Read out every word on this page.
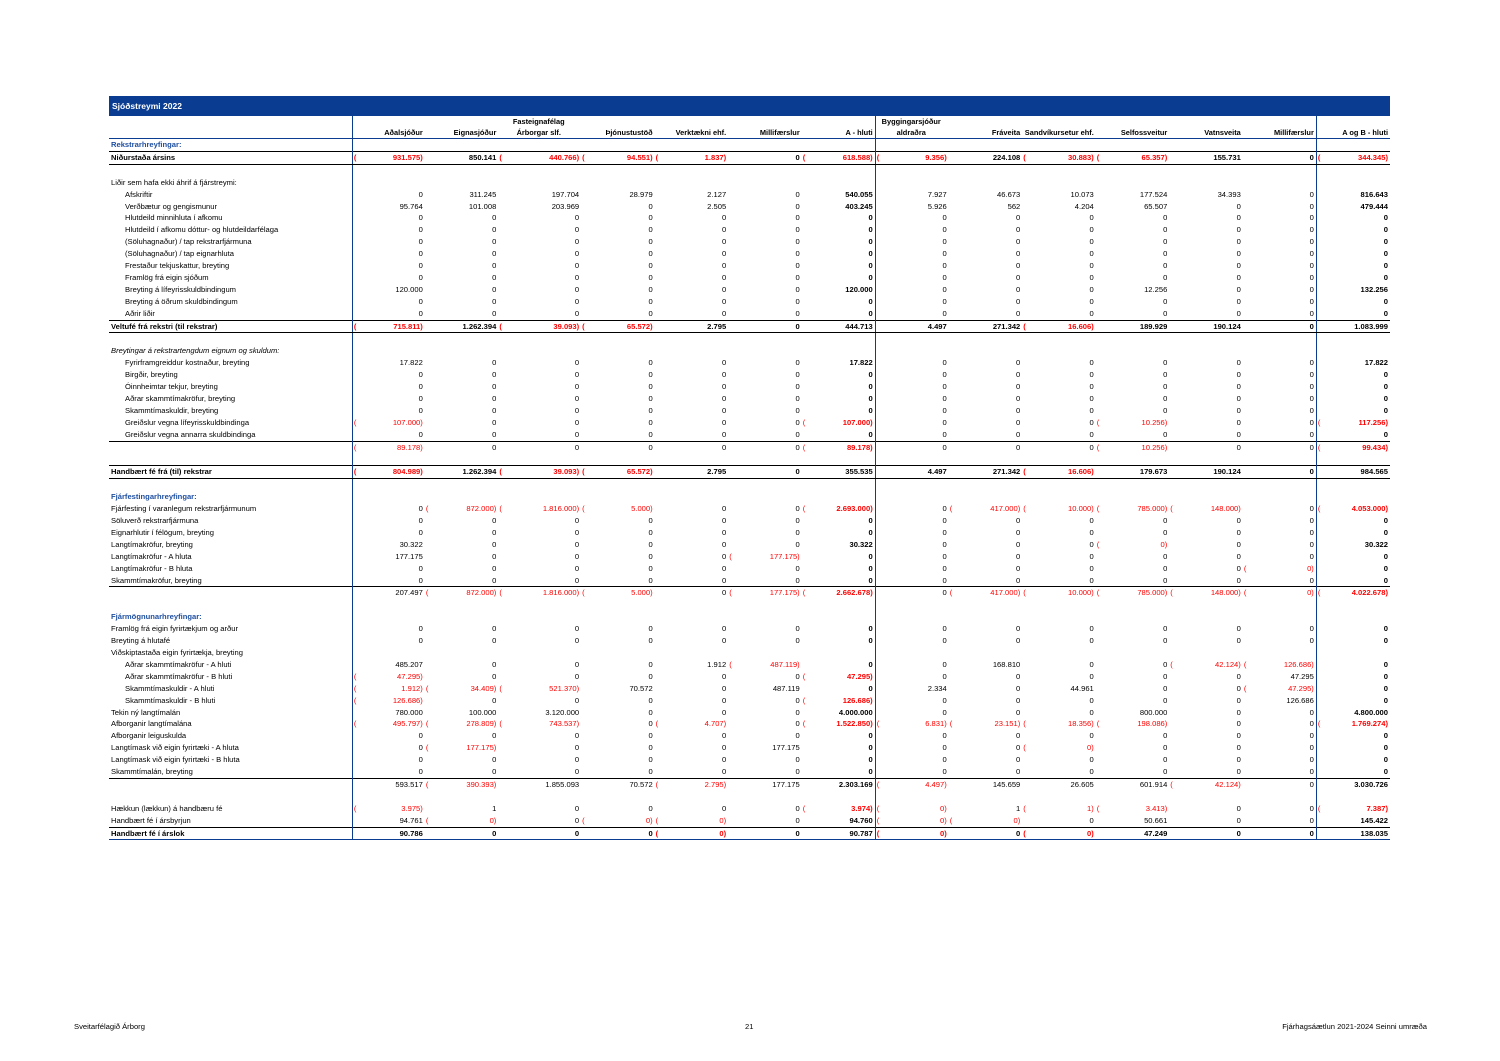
Sjóðstreymi 2022
					Fasteignafélag										Byggingarsjóður													
	Aðalsjóður		Eignasjóður		Árborgar slf.		Þjónustustöð		Verktækni ehf.		Millifærslur		A - hluti		aldraðra		Fráveita		Sandvíkursetur ehf.		Selfossveitur		Vatnsveita		Millifærslur		A og B - hluti	
Rekstrarhreyfingar:																												
Niðurstaða ársins	(	931.575)		850.141	(	440.766)	(	94.551)	(	1.837)		0	(	618.588)	(	9.356)		224.108	(	30.883)	(	65.357)		155.731		0	(	344.345)

Liðir sem hafa ekki áhrif á fjárstreymi:																												
Afskriftir		0		311.245		197.704		28.979		2.127		0		540.055		7.927		46.673		10.073		177.524		34.393		0		816.643
Verðbætur og gengismunur		95.764		101.008		203.969		0		2.505		0		403.245		5.926		562		4.204		65.507		0		0		479.444
Hlutdeild minnihluta í afkomu		0		0		0		0		0		0		0		0		0		0		0		0		0		0
Hlutdeild í afkomu dóttur- og hlutdeildarfélaga		0		0		0		0		0		0		0		0		0		0		0		0		0		0
(Söluhagnaður) / tap rekstrarfjármuna		0		0		0		0		0		0		0		0		0		0		0		0		0		0
(Söluhagnaður) / tap eignarhluta		0		0		0		0		0		0		0		0		0		0		0		0		0		0
Frestaður tekjuskattur, breyting		0		0		0		0		0		0		0		0		0		0		0		0		0		0
Framlög frá eigin sjóðum		0		0		0		0		0		0		0		0		0		0		0		0		0		0
Breyting á lífeyrisskuldbindingum		120.000		0		0		0		0		0		120.000		0		0		0		12.256		0		0		132.256
Breyting á öðrum skuldbindingum		0		0		0		0		0		0		0		0		0		0		0		0		0		0
Aðrir liðir		0		0		0		0		0		0		0		0		0		0		0		0		0		0
Veltufé frá rekstri (til rekstrar)	(	715.811)		1.262.394	(	39.093)	(	65.572)		2.795		0		444.713		4.497		271.342	(	16.606)		189.929		190.124		0		1.083.999

Breytingar á rekstrartengdum eignum og skuldum:																												
Fyrirframgreiddur kostnaður, breyting		17.822		0		0		0		0		0		17.822		0		0		0		0		0		0		17.822
Birgðir, breyting		0		0		0		0		0		0		0		0		0		0		0		0		0		0
Óinnheimtar tekjur, breyting		0		0		0		0		0		0		0		0		0		0		0		0		0		0
Aðrar skammtímakröfur, breyting		0		0		0		0		0		0		0		0		0		0		0		0		0		0
Skammtímaskuldir, breyting		0		0		0		0		0		0		0		0		0		0		0		0		0		0
Greiðslur vegna lífeyrisskuldbindinga	(	107.000)		0		0		0		0		0	(	107.000)		0		0		0	(	10.256)		0		0	(	117.256)
Greiðslur vegna annarra skuldbindinga		0		0		0		0		0		0		0		0		0		0		0		0		0		0
	(	89.178)		0		0		0		0		0	(	89.178)		0		0		0	(	10.256)		0		0	(	99.434)

Handbært fé frá (til) rekstrar	(	804.989)		1.262.394	(	39.093)	(	65.572)		2.795		0		355.535		4.497		271.342	(	16.606)		179.673		190.124		0		984.565

Fjárfestingarhreyfingar:																												
Fjárfesting í varanlegum rekstrarfjármunum		0	(	872.000)	(	1.816.000)	(	5.000)		0		0	(	2.693.000)		0	(	417.000)	(	10.000)	(	785.000)	(	148.000)		0	(	4.053.000)
Söluverð rekstrarfjármuna		0		0		0		0		0		0		0		0		0		0		0		0		0		0
Eignarhlutir í félögum, breyting		0		0		0		0		0		0		0		0		0		0		0		0		0		0
Langtímakröfur, breyting		30.322		0		0		0		0		0		30.322		0		0		0	(	0)		0		0		30.322
Langtímakröfur - A hluta		177.175		0		0		0		0	(	177.175)		0		0		0		0		0		0		0		0
Langtímakröfur - B hluta		0		0		0		0		0		0		0		0		0		0		0		0	(	0)		0
Skammtímakröfur, breyting		0		0		0		0		0		0		0		0		0		0		0		0		0		0
		207.497	(	872.000)	(	1.816.000)	(	5.000)		0	(	177.175)	(	2.662.678)		0	(	417.000)	(	10.000)	(	785.000)	(	148.000)	(	0)	(	4.022.678)

Fjármögnunarhreyfingar:																												
Framlög frá eigin fyrirtækjum og arður		0		0		0		0		0		0		0		0		0		0		0		0		0		0
Breyting á hlutafé		0		0		0		0		0		0		0		0		0		0		0		0		0		0
Viðskiptastaða eigin fyrirtækja, breyting																												
Aðrar skammtímakröfur - A hluti		485.207		0		0		0		1.912	(	487.119)		0		0		168.810		0		0	(	42.124)	(	126.686)		0
Aðrar skammtímakröfur - B hluti	(	47.295)		0		0		0		0		0	(	47.295)		0		0		0		0		0		47.295		0
Skammtímaskuldir - A hluti	(	1.912)	(	34.409)	(	521.370)		70.572		0		487.119		0		2.334		0		44.961		0		0	(	47.295)		0
Skammtímaskuldir - B hluti	(	126.686)		0		0		0		0		0	(	126.686)		0		0		0		0		0		126.686		0
Tekin ný langtímalán		780.000		100.000		3.120.000		0		0		0		4.000.000		0		0		0		800.000		0		0		4.800.000
Afborganir langtímalána	(	495.797)	(	278.809)	(	743.537)		0	(	4.707)		0	(	1.522.850)	(	6.831)	(	23.151)	(	18.356)	(	198.086)		0		0	(	1.769.274)
Afborganir leiguskulda		0		0		0		0		0		0		0		0		0		0		0		0		0		0
Langtímask við eigin fyrirtæki - A hluta		0	(	177.175)		0		0		0		177.175		0		0		0	(	0)		0		0		0		0
Langtímask við eigin fyrirtæki - B hluta		0		0		0		0		0		0		0		0		0		0		0		0		0		0
Skammtímalán, breyting		0		0		0		0		0		0		0		0		0		0		0		0		0		0
		593.517	(	390.393)		1.855.093		70.572	(	2.795)		177.175		2.303.169	(	4.497)		145.659		26.605		601.914	(	42.124)		0		3.030.726

Hækkun (lækkun) á handbæru fé	(	3.975)		1		0		0		0		0	(	3.974)	(	0)		1	(	1)	(	3.413)		0		0	(	7.387)
Handbært fé í ársbyrjun		94.761	(	0)		0	(	0)	(	0)		0		94.760	(	0)	(	0)		0		50.661		0		0		145.422
Handbært fé í árslok		90.786		0		0		0	(	0)		0		90.787	(	0)		0	(	0)		47.249		0		0		138.035
Sveitarfélagið Árborg	21	Fjárhagsáætlun 2021-2024 Seinni umræða
